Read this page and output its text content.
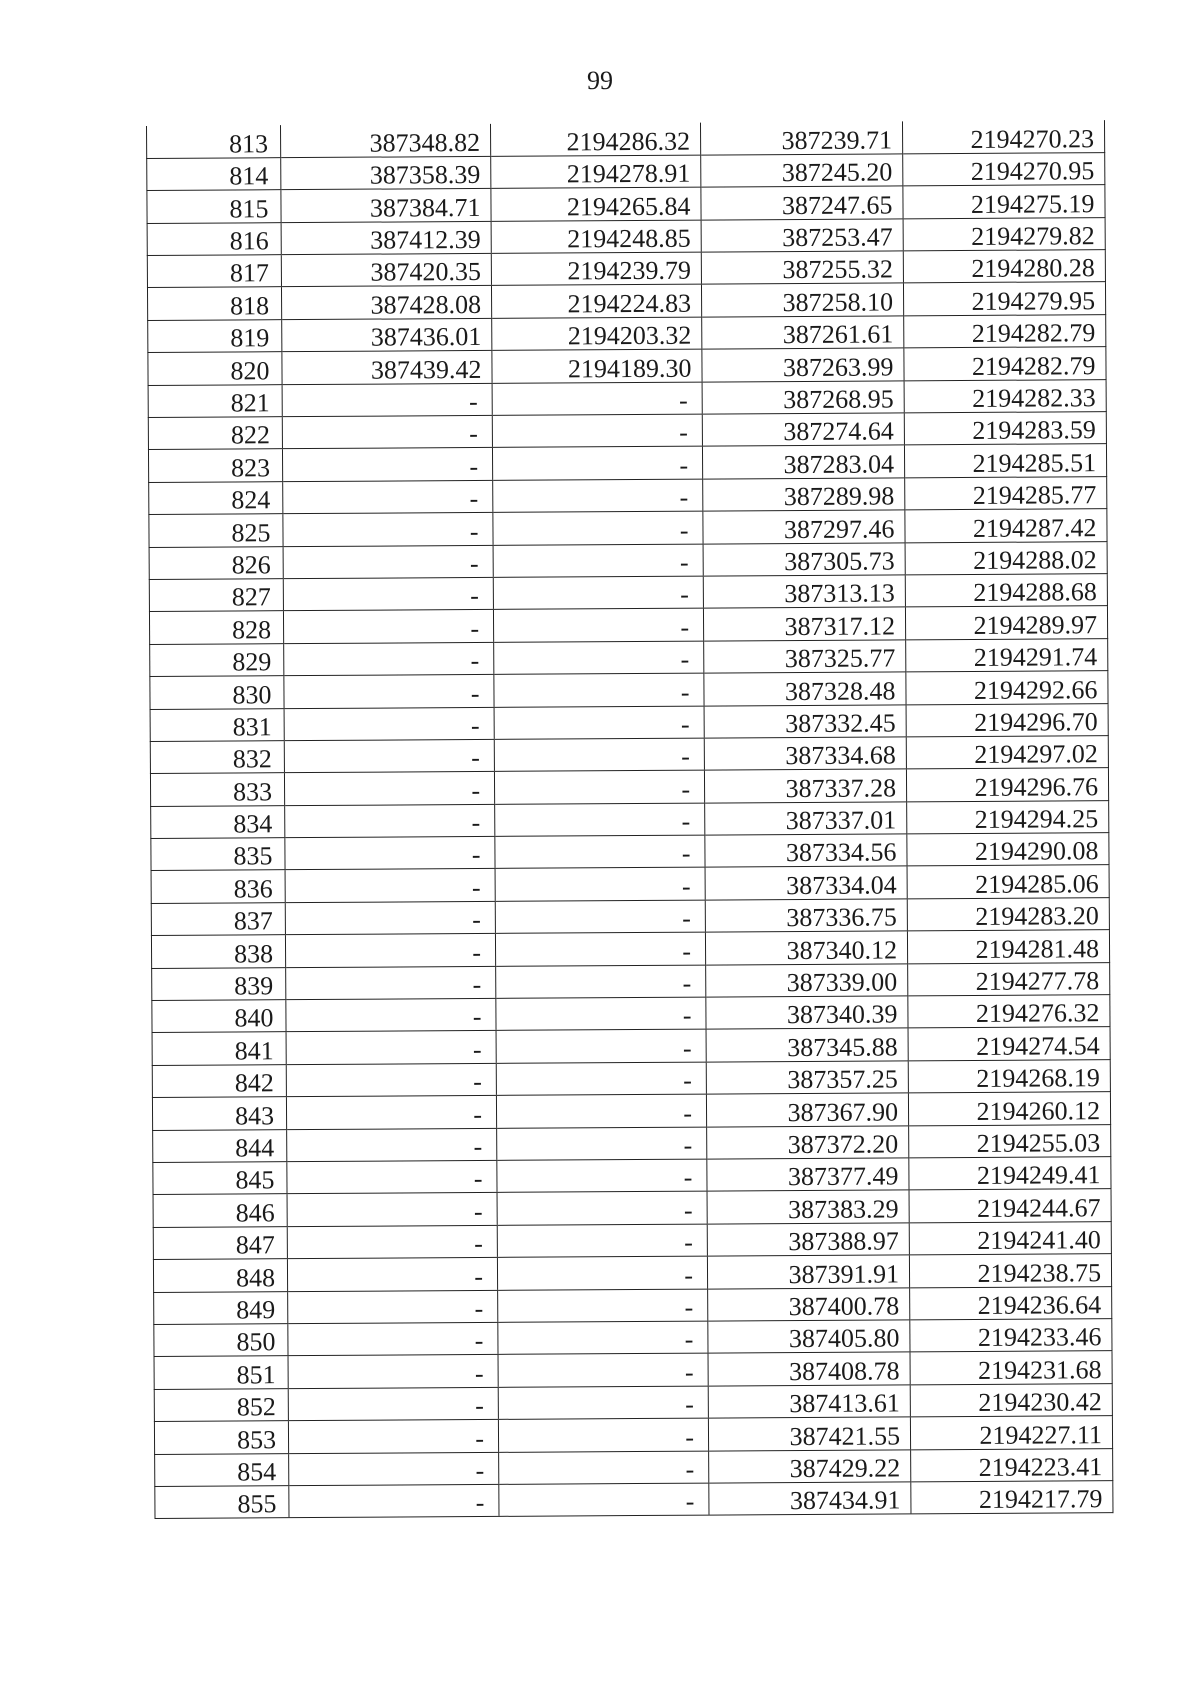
99
813	387348.82	2194286.32	387239.71	2194270.23
814	387358.39	2194278.91	387245.20	2194270.95
815	387384.71	2194265.84	387247.65	2194275.19
816	387412.39	2194248.85	387253.47	2194279.82
817	387420.35	2194239.79	387255.32	2194280.28
818	387428.08	2194224.83	387258.10	2194279.95
819	387436.01	2194203.32	387261.61	2194282.79
820	387439.42	2194189.30	387263.99	2194282.79
821	-	-	387268.95	2194282.33
822	-	-	387274.64	2194283.59
823	-	-	387283.04	2194285.51
824	-	-	387289.98	2194285.77
825	-	-	387297.46	2194287.42
826	-	-	387305.73	2194288.02
827	-	-	387313.13	2194288.68
828	-	-	387317.12	2194289.97
829	-	-	387325.77	2194291.74
830	-	-	387328.48	2194292.66
831	-	-	387332.45	2194296.70
832	-	-	387334.68	2194297.02
833	-	-	387337.28	2194296.76
834	-	-	387337.01	2194294.25
835	-	-	387334.56	2194290.08
836	-	-	387334.04	2194285.06
837	-	-	387336.75	2194283.20
838	-	-	387340.12	2194281.48
839	-	-	387339.00	2194277.78
840	-	-	387340.39	2194276.32
841	-	-	387345.88	2194274.54
842	-	-	387357.25	2194268.19
843	-	-	387367.90	2194260.12
844	-	-	387372.20	2194255.03
845	-	-	387377.49	2194249.41
846	-	-	387383.29	2194244.67
847	-	-	387388.97	2194241.40
848	-	-	387391.91	2194238.75
849	-	-	387400.78	2194236.64
850	-	-	387405.80	2194233.46
851	-	-	387408.78	2194231.68
852	-	-	387413.61	2194230.42
853	-	-	387421.55	2194227.11
854	-	-	387429.22	2194223.41
855	-	-	387434.91	2194217.79
